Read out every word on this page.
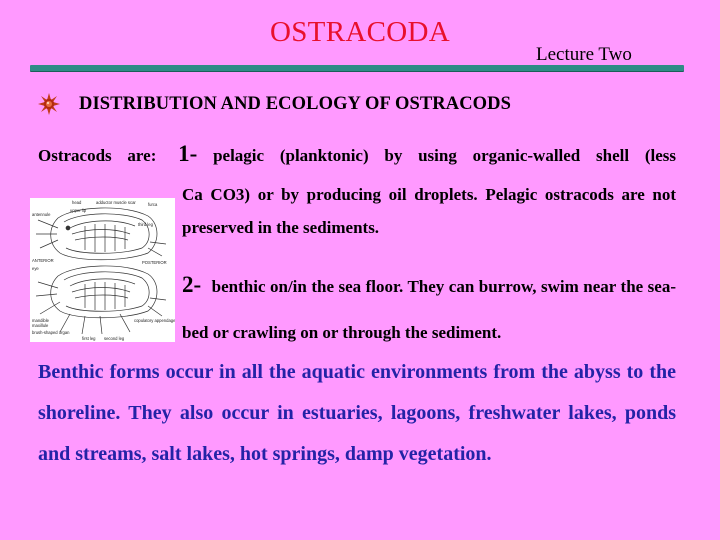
OSTRACODA
Lecture Two
DISTRIBUTION AND ECOLOGY OF OSTRACODS
Ostracods are: 1- pelagic (planktonic) by using organic-walled shell (less
Ca CO3) or by producing oil droplets. Pelagic ostracods are not preserved in the sediments.
head	adductor muscle scar	furca
antennule
third leg
ANTERIOR	POSTERIOR
eye
upper lip
mandible
maxillule
brush-shaped organ
first leg second leg
copulatory appendage
2- benthic on/in the sea floor. They can burrow, swim near the sea-bed or crawling on or through the sediment.
Benthic forms occur in all the aquatic environments from the abyss to the shoreline. They also occur in estuaries, lagoons, freshwater lakes, ponds and streams, salt lakes, hot springs, damp vegetation.
